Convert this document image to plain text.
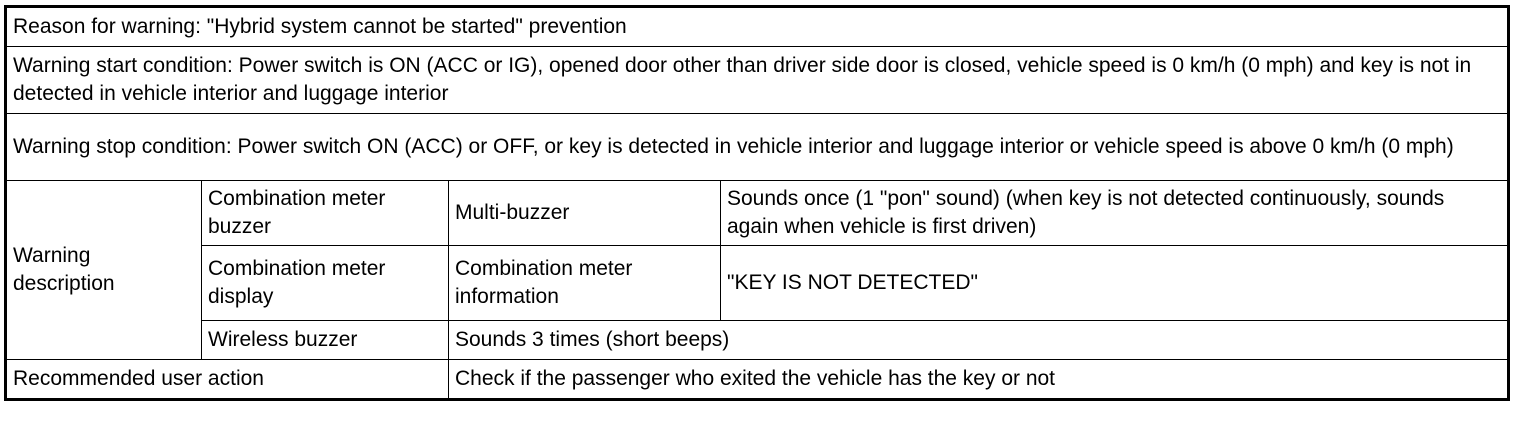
Reason for warning: "Hybrid system cannot be started" prevention			
Warning start condition: Power switch is ON (ACC or IG), opened door other than driver side door is closed, vehicle speed is 0 km/h (0 mph) and key is not in detected in vehicle interior and luggage interior			
Warning stop condition: Power switch ON (ACC) or OFF, or key is detected in vehicle interior and luggage interior or vehicle speed is above 0 km/h (0 mph)			
Warning description	Combination meter buzzer	Multi-buzzer	Sounds once (1 "pon" sound) (when key is not detected continuously, sounds again when vehicle is first driven)
	Combination meter display	Combination meter information	"KEY IS NOT DETECTED"
	Wireless buzzer	Sounds 3 times (short beeps)	
Recommended user action		Check if the passenger who exited the vehicle has the key or not	
